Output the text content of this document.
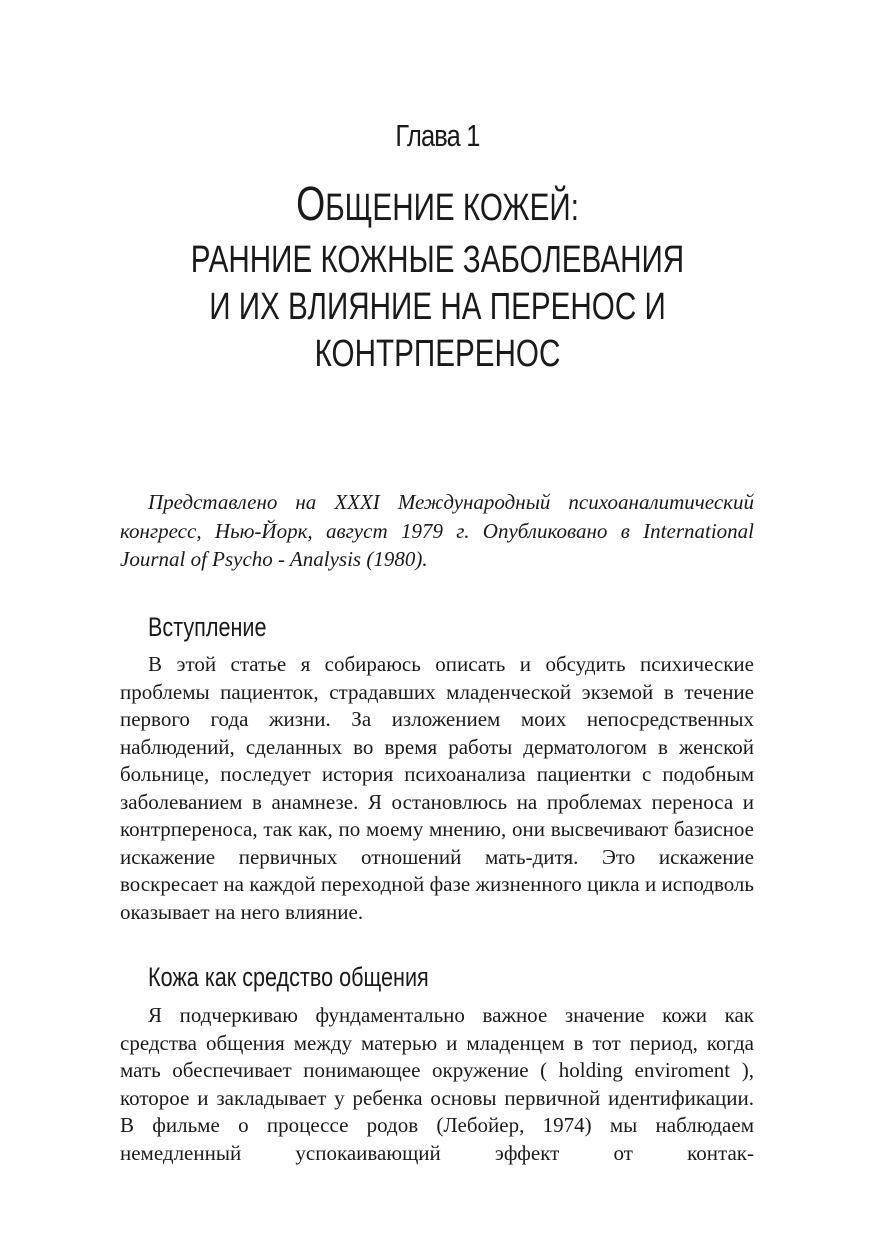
Глава 1
ОБЩЕНИЕ КОЖЕЙ:
РАННИЕ КОЖНЫЕ ЗАБОЛЕВАНИЯ
И ИХ ВЛИЯНИЕ НА ПЕРЕНОС И
КОНТРПЕРЕНОС
Представлено на XXXI Международный психоаналитический конгресс, Нью-Йорк, август 1979 г. Опубликовано в International Journal of Psycho - Analysis (1980).
Вступление
В этой статье я собираюсь описать и обсудить психические проблемы пациенток, страдавших младенческой экземой в течение первого года жизни. За изложением моих непосредственных наблюдений, сделанных во время работы дерматологом в женской больнице, последует история психоанализа пациентки с подобным заболеванием в анамнезе. Я остановлюсь на проблемах переноса и контрпереноса, так как, по моему мнению, они высвечивают базисное искажение первичных отношений мать-дитя. Это искажение воскресает на каждой переходной фазе жизненного цикла и исподволь оказывает на него влияние.
Кожа как средство общения
Я подчеркиваю фундаментально важное значение кожи как средства общения между матерью и младенцем в тот период, когда мать обеспечивает понимающее окружение ( holding enviroment ), которое и закладывает у ребенка основы первичной идентификации. В фильме о процессе родов (Лебойер, 1974) мы наблюдаем немедленный успокаивающий эффект от контак-
